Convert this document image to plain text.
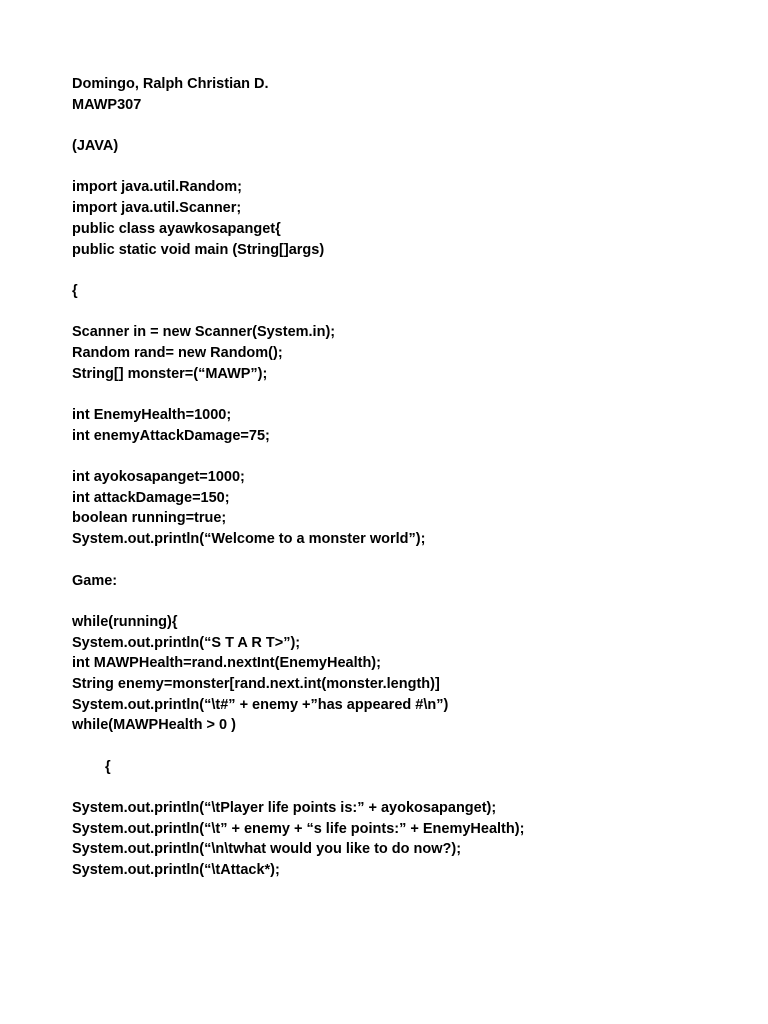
Domingo, Ralph Christian D.
MAWP307
(JAVA)
import java.util.Random;
import java.util.Scanner;
public class ayawkosapanget{
public static void main (String[]args)
{
Scanner in = new Scanner(System.in);
Random rand= new Random();
String[] monster=(“MAWP”);
int EnemyHealth=1000;
int enemyAttackDamage=75;
int ayokosapanget=1000;
int attackDamage=150;
boolean running=true;
System.out.println(“Welcome to a monster world”);
Game:
while(running){
System.out.println(“S T A R T>”);
int MAWPHealth=rand.nextInt(EnemyHealth);
String enemy=monster[rand.next.int(monster.length)]
System.out.println(“\t#” + enemy +”has appeared #\n”)
while(MAWPHealth > 0 )
{
System.out.println(“\tPlayer life points is:” + ayokosapanget);
System.out.println(“\t” + enemy + “s life points:” + EnemyHealth);
System.out.println(“\n\twhat would you like to do now?);
System.out.println(“\tAttack*);
